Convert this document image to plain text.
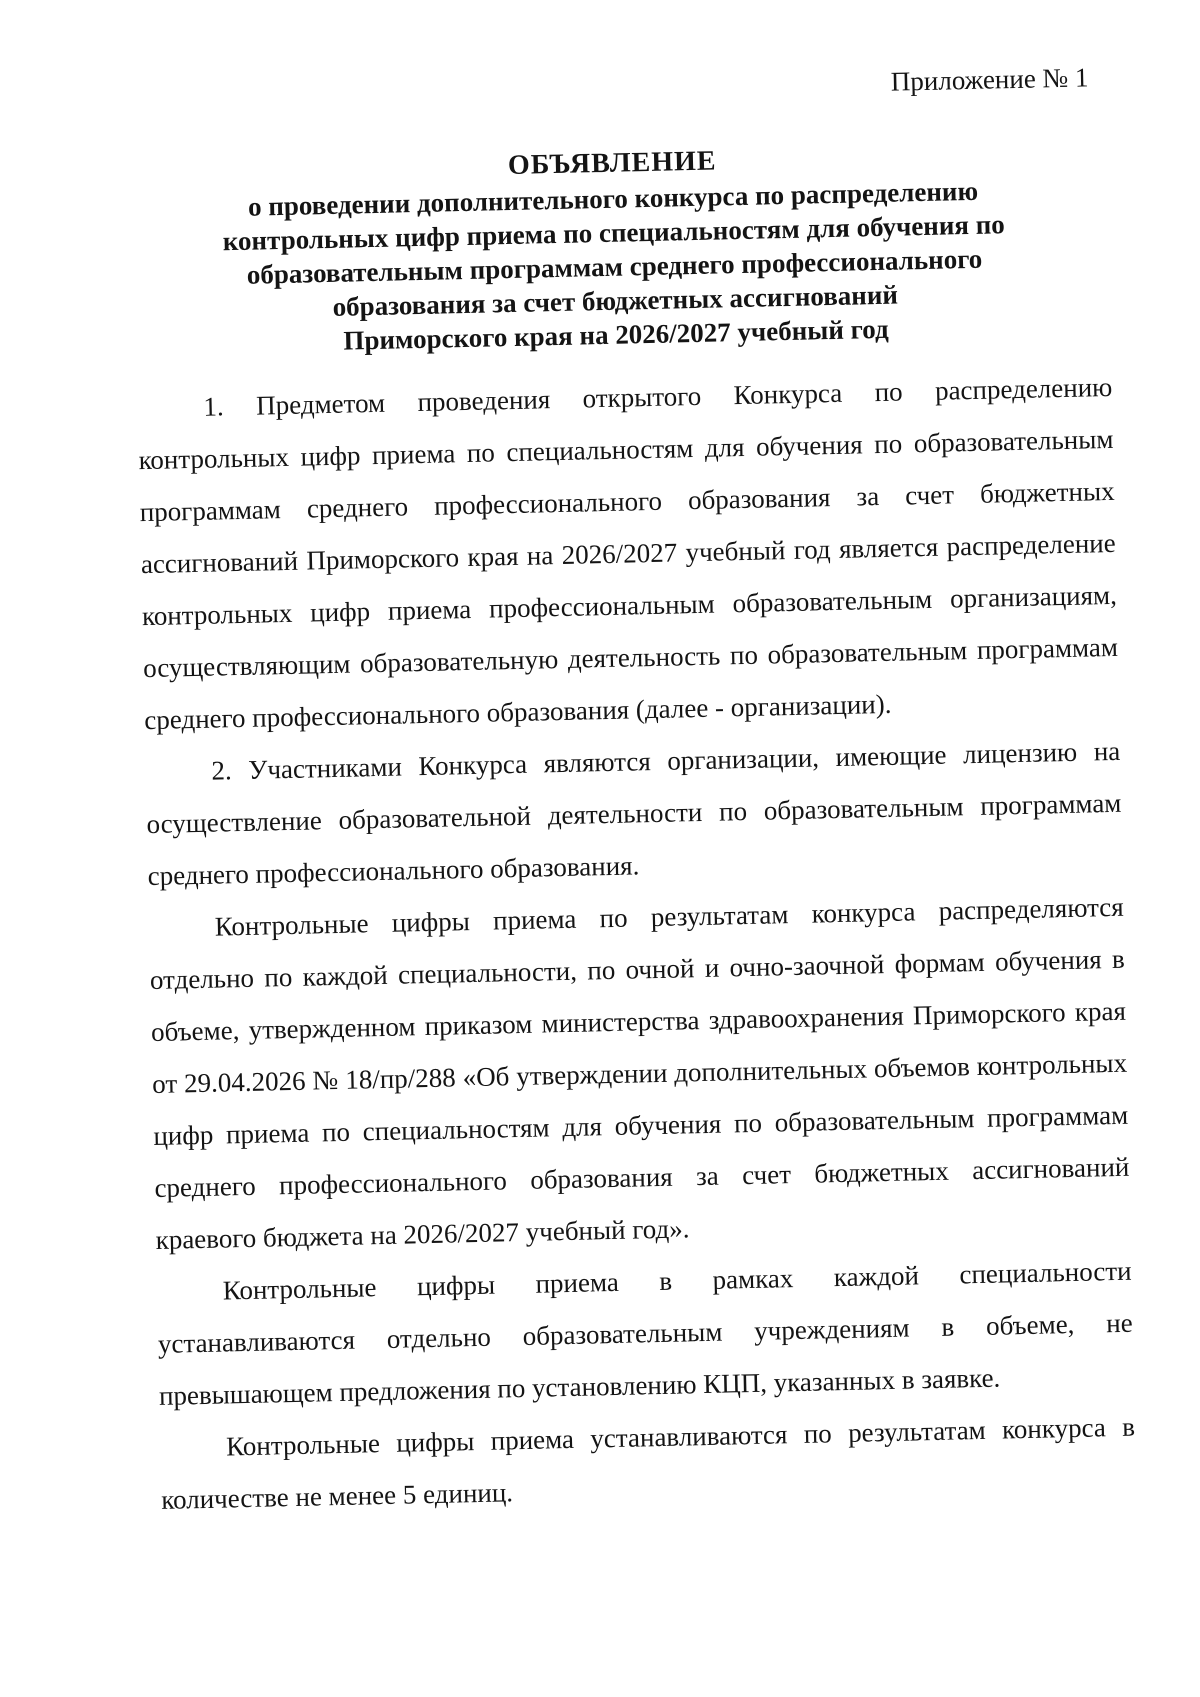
Приложение № 1
ОБЪЯВЛЕНИЕ
о проведении дополнительного конкурса по распределению
контрольных цифр приема по специальностям для обучения по
образовательным программам среднего профессионального
образования за счет бюджетных ассигнований
Приморского края на 2026/2027 учебный год

1. Предметом проведения открытого Конкурса по распределению контрольных цифр приема по специальностям для обучения по образовательным программам среднего профессионального образования за счет бюджетных ассигнований Приморского края на 2026/2027 учебный год является распределение контрольных цифр приема профессиональным образовательным организациям, осуществляющим образовательную деятельность по образовательным программам среднего профессионального образования (далее - организации).

2. Участниками Конкурса являются организации, имеющие лицензию на осуществление образовательной деятельности по образовательным программам среднего профессионального образования.

Контрольные цифры приема по результатам конкурса распределяются отдельно по каждой специальности, по очной и очно-заочной формам обучения в объеме, утвержденном приказом министерства здравоохранения Приморского края от 29.04.2026 № 18/пр/288 «Об утверждении дополнительных объемов контрольных цифр приема по специальностям для обучения по образовательным программам среднего профессионального образования за счет бюджетных ассигнований краевого бюджета на 2026/2027 учебный год».

Контрольные цифры приема в рамках каждой специальности устанавливаются отдельно образовательным учреждениям в объеме, не превышающем предложения по установлению КЦП, указанных в заявке.

Контрольные цифры приема устанавливаются по результатам конкурса в количестве не менее 5 единиц.
